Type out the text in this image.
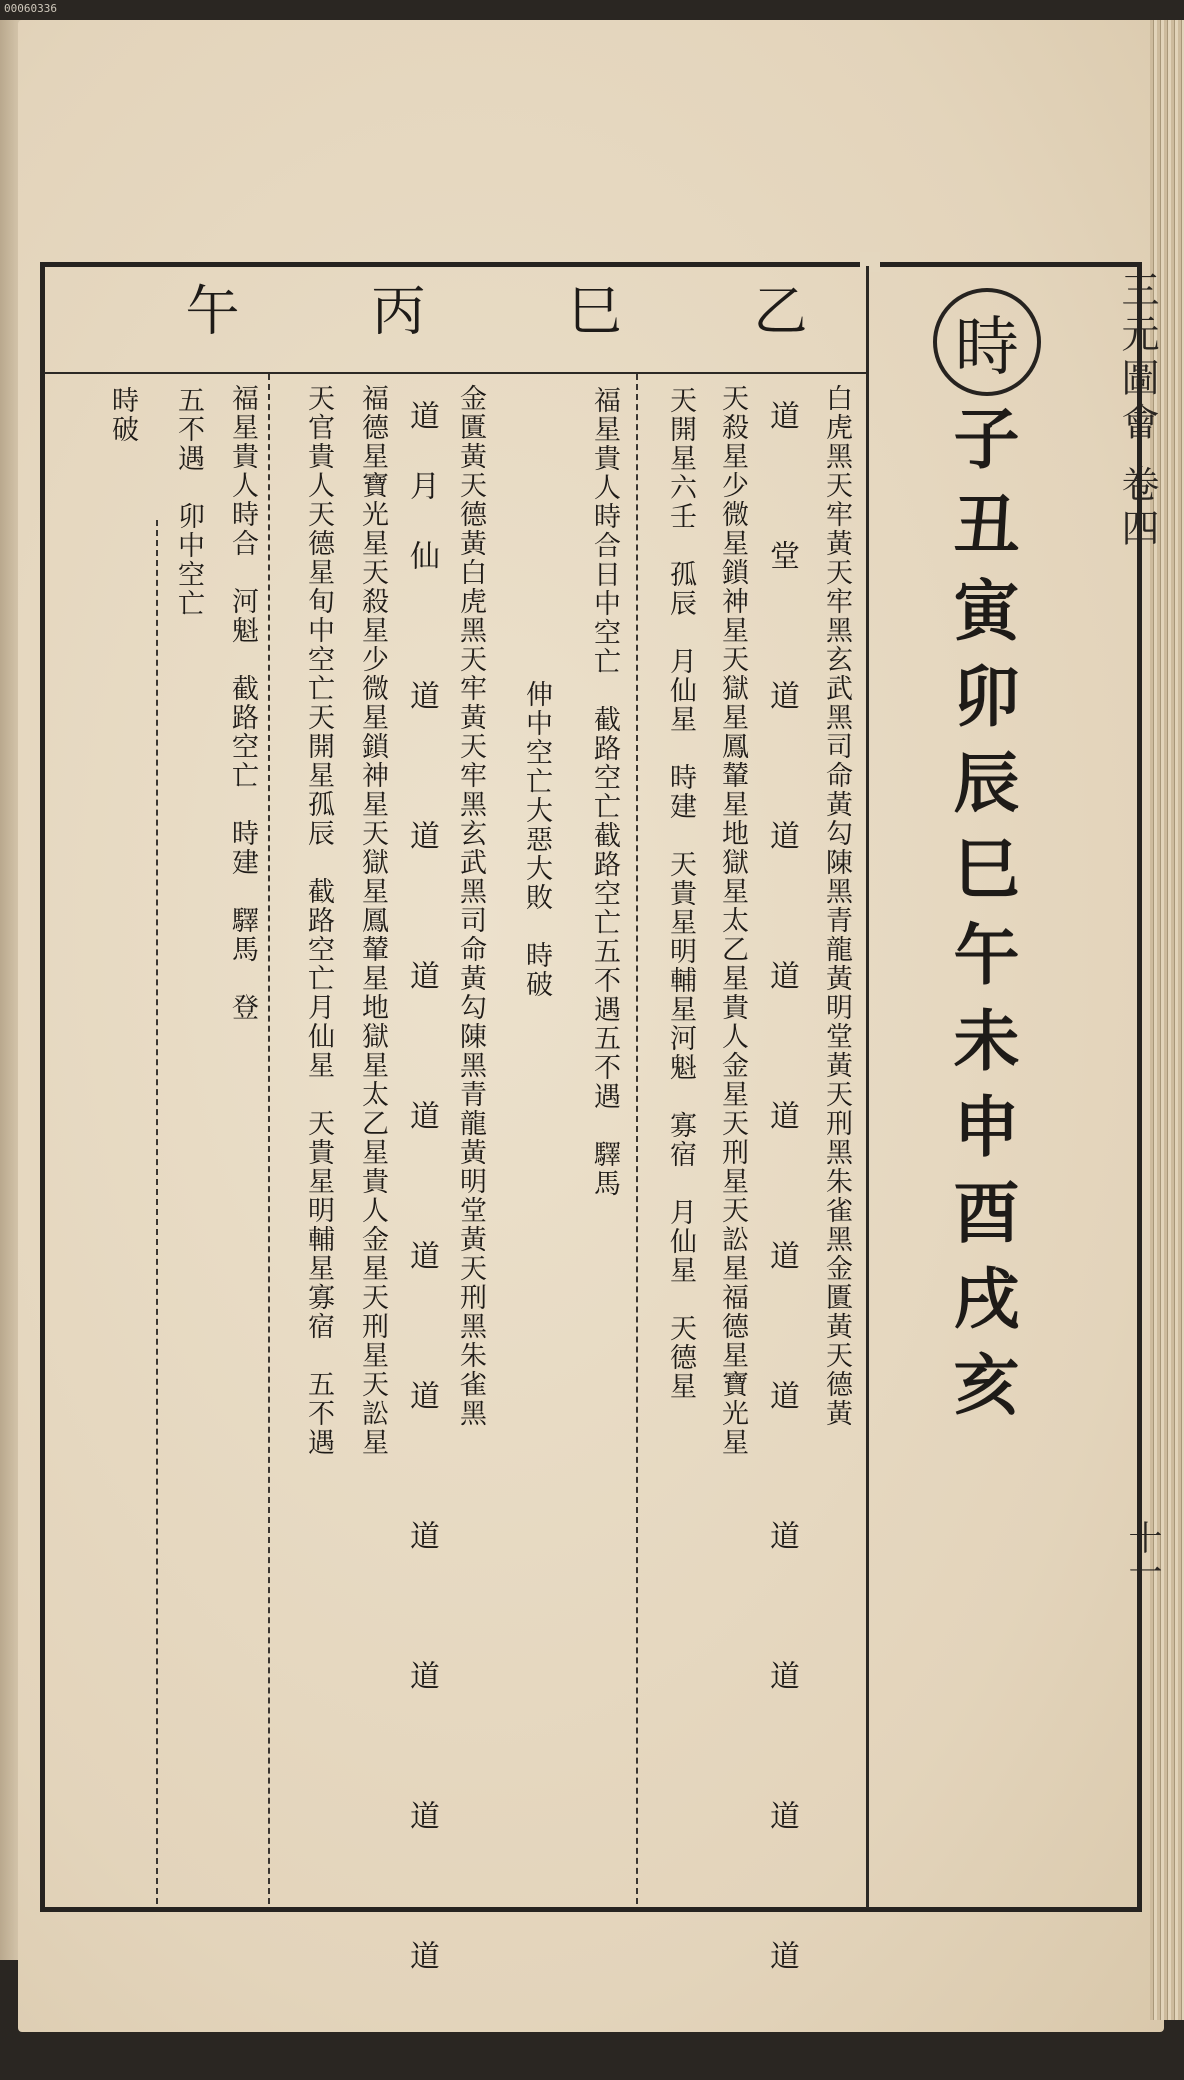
00060336
三元圖會 卷四
十一
時
子丑寅卯辰巳午未申酉戌亥
乙
巳
丙
午
白虎黑天牢黃天牢黑玄武黑司命黃勾陳黑青龍黃明堂黃天刑黑朱雀黑金匱黃天德黃
道　堂　道　道　道　道　道　道　道　道　道　道
天殺星少微星鎖神星天獄星鳳輦星地獄星太乙星貴人金星天刑星天訟星福德星寶光星
天開星六壬　孤辰　月仙星　時建　天貴星明輔星河魁　寡宿　月仙星　天德星
福星貴人時合日中空亡　截路空亡截路空亡五不遇五不遇　驛馬
伸中空亡大惡大敗　時破
金匱黃天德黃白虎黑天牢黃天牢黑玄武黑司命黃勾陳黑青龍黃明堂黃天刑黑朱雀黑
道月仙　道　道　道　道　道　道　道　道　道　道
福德星寶光星天殺星少微星鎖神星天獄星鳳輦星地獄星太乙星貴人金星天刑星天訟星
天官貴人天德星旬中空亡天開星孤辰　截路空亡月仙星　天貴星明輔星寡宿　五不遇
福星貴人時合　河魁　截路空亡　時建　驛馬　登
五不遇　卯中空亡
時破
